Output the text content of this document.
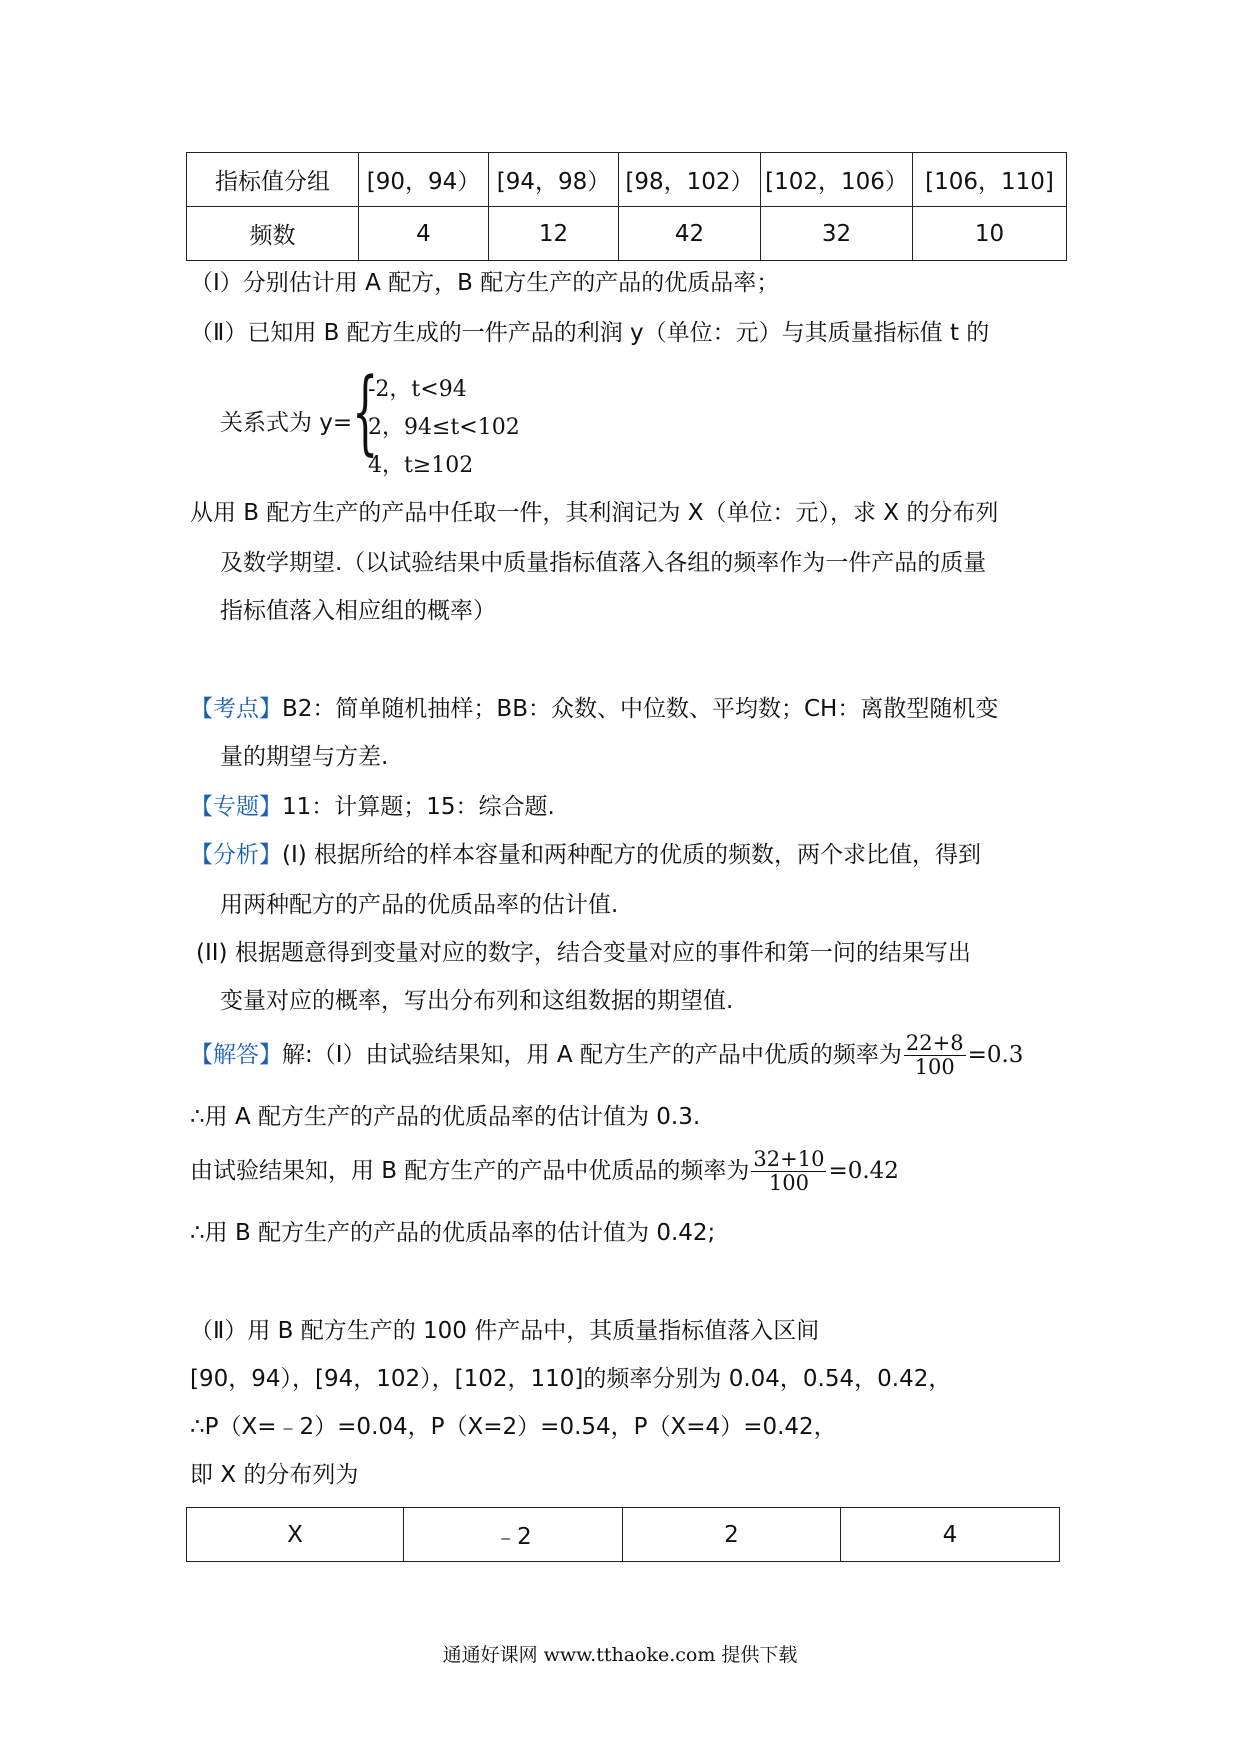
指标值分组	[90，94）	[94，98）	[98，102）	[102，106）	[106，110]
频数	4	12	42	32	10
（Ⅰ）分别估计用 A 配方，B 配方生产的产品的优质品率；
（Ⅱ）已知用 B 配方生成的一件产品的利润 y（单位：元）与其质量指标值 t 的
关系式为 y= {
-2，t<94
2，94≤t<102
4，t≥102
从用 B 配方生产的产品中任取一件，其利润记为 X（单位：元），求 X 的分布列
及数学期望.（以试验结果中质量指标值落入各组的频率作为一件产品的质量
指标值落入相应组的概率）
【考点】B2：简单随机抽样；BB：众数、中位数、平均数；CH：离散型随机变
量的期望与方差.
【专题】11：计算题；15：综合题.
【分析】(I) 根据所给的样本容量和两种配方的优质的频数，两个求比值，得到
用两种配方的产品的优质品率的估计值.
(II) 根据题意得到变量对应的数字，结合变量对应的事件和第一问的结果写出
变量对应的概率，写出分布列和这组数据的期望值.
【解答】解:（Ⅰ）由试验结果知，用 A 配方生产的产品中优质的频率为 $\frac{22+8}{100} =0.3$
∴用 A 配方生产的产品的优质品率的估计值为 0.3.
由试验结果知，用 B 配方生产的产品中优质品的频率为 $\frac{32+10}{100} =0.42$
∴用 B 配方生产的产品的优质品率的估计值为 0.42;
（Ⅱ）用 B 配方生产的 100 件产品中，其质量指标值落入区间
[90，94），[94，102），[102，110]的频率分别为 0.04，0.54，0.42，
∴P（X=﹣2）=0.04，P（X=2）=0.54，P（X=4）=0.42，
即 X 的分布列为
X	﹣2	2	4
通通好课网 www.tthaoke.com 提供下载
